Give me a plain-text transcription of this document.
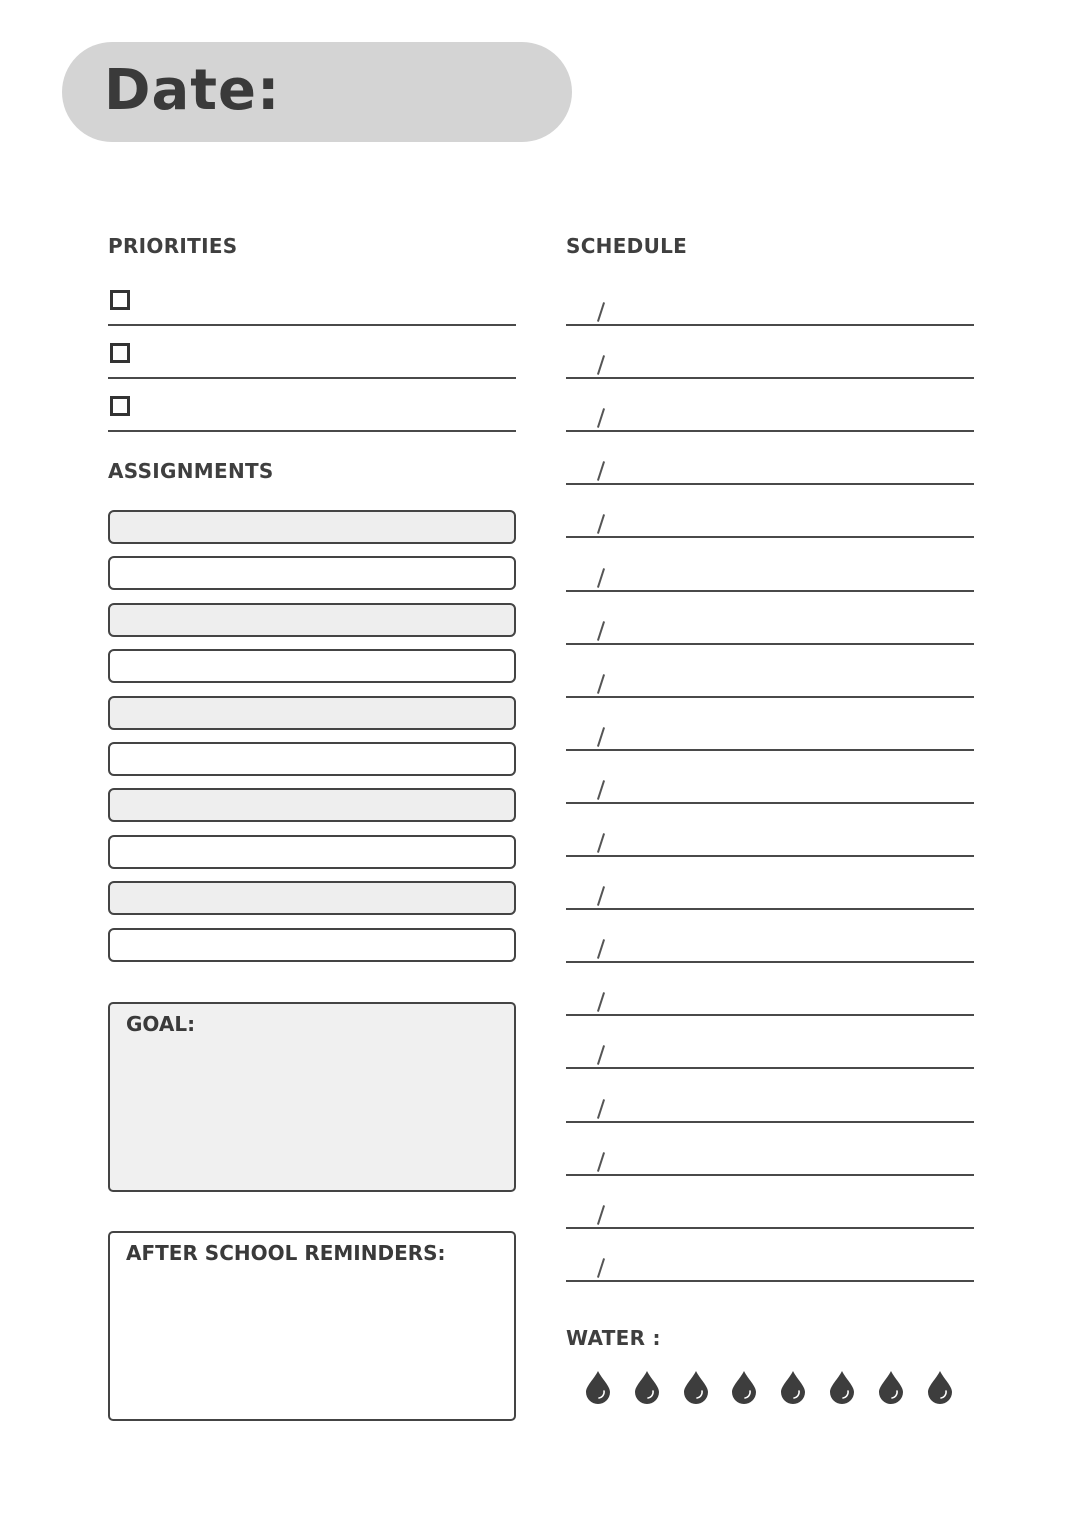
Date:
PRIORITIES
ASSIGNMENTS
GOAL:
AFTER SCHOOL REMINDERS:
SCHEDULE
WATER :
